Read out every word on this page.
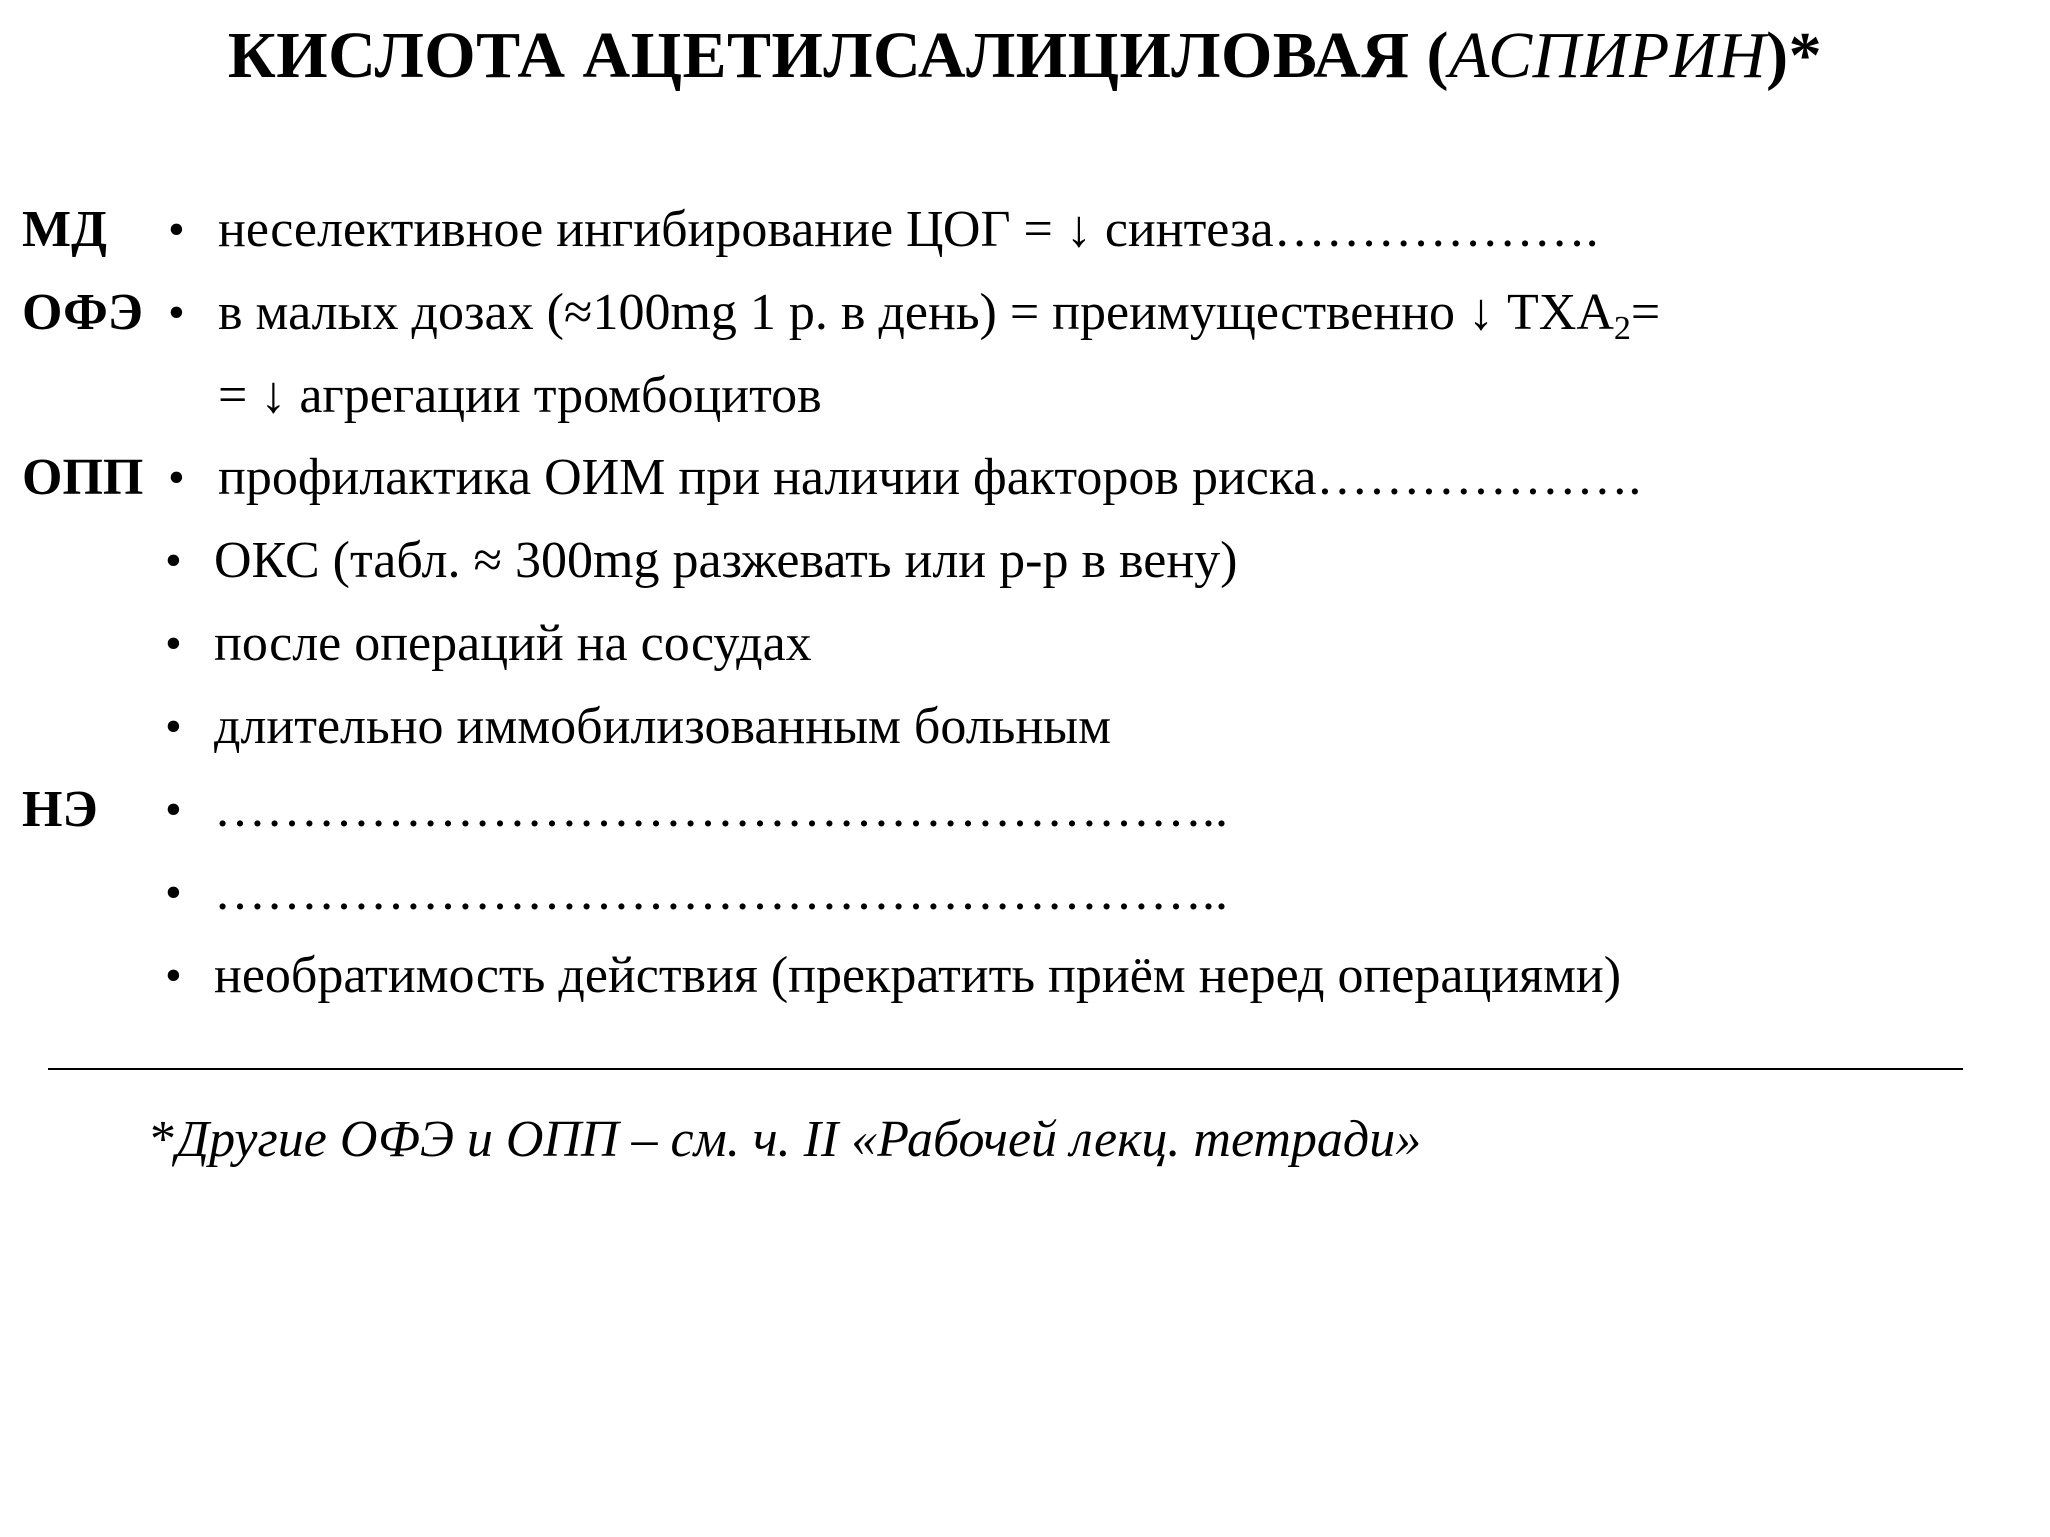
КИСЛОТА АЦЕТИЛСАЛИЦИЛОВАЯ (АСПИРИН)*
МД • неселективное ингибирование ЦОГ = ↓ синтеза……………….
ОФЭ • в малых дозах (≈100mg 1 р. в день) = преимущественно ↓ $ТХА_2=$
= ↓ агрегации тромбоцитов
ОПП • профилактика ОИМ при наличии факторов риска……………….
• ОКС (табл. ≈ 300mg разжевать или р-р в вену)
• после операций на сосудах
• длительно иммобилизованным больным
НЭ • …………………………………………………..
• …………………………………………………..
• необратимость действия (прекратить приём неред операциями)
*Другие ОФЭ и ОПП – см. ч. II «Рабочей лекц. тетради»
